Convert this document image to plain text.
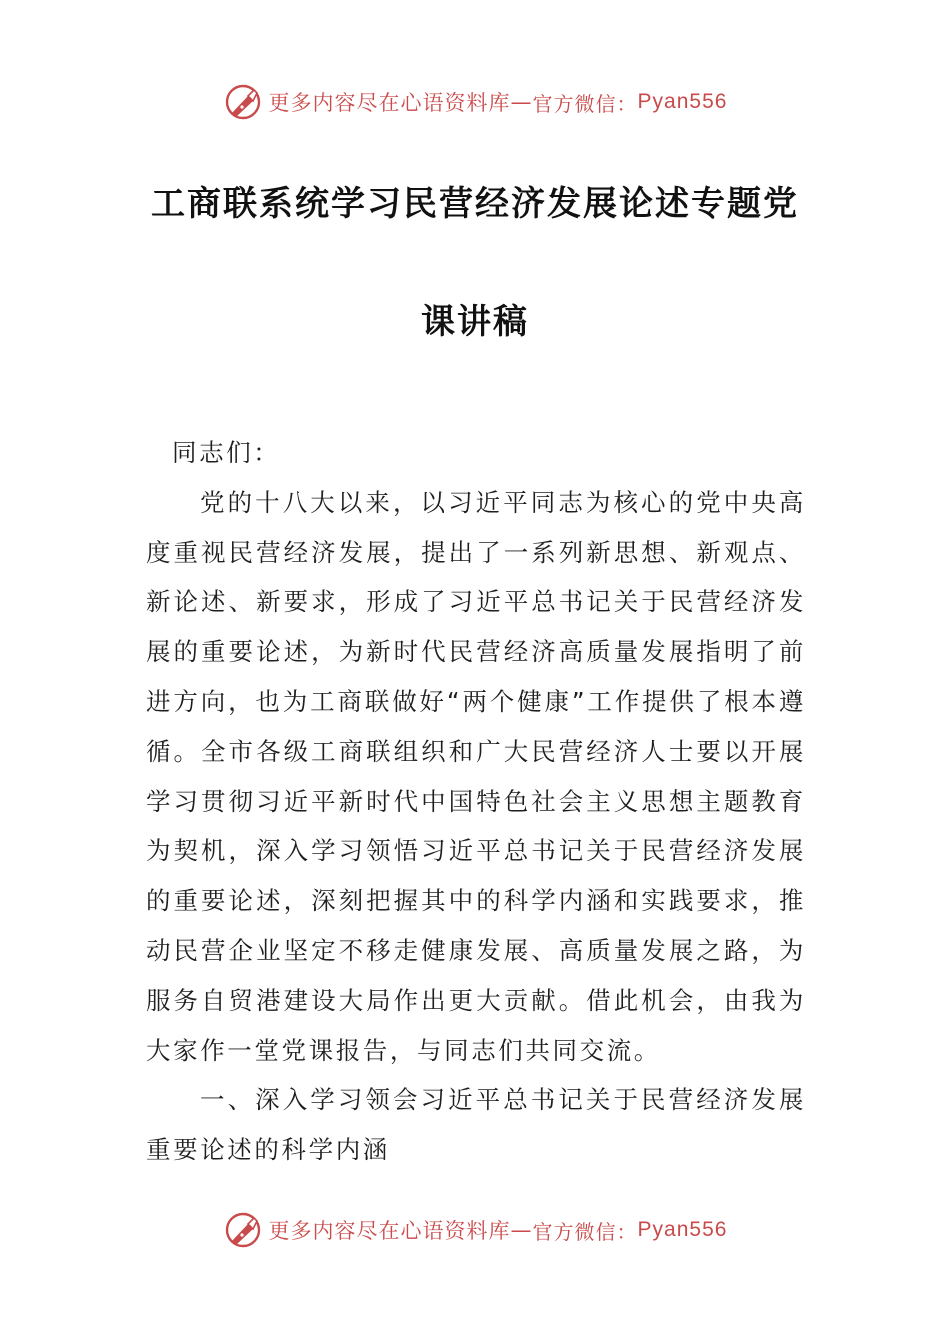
更多内容尽在心语资料库 — 官方微信： Pyan556
工商联系统学习民营经济发展论述专题党
课讲稿

同志们：

党的十八大以来，以习近平同志为核心的党中央高度重视民营经济发展，提出了一系列新思想、新观点、新论述、新要求，形成了习近平总书记关于民营经济发展的重要论述，为新时代民营经济高质量发展指明了前进方向，也为工商联做好“两个健康”工作提供了根本遵循。全市各级工商联组织和广大民营经济人士要以开展学习贯彻习近平新时代中国特色社会主义思想主题教育为契机，深入学习领悟习近平总书记关于民营经济发展的重要论述，深刻把握其中的科学内涵和实践要求，推动民营企业坚定不移走健康发展、高质量发展之路，为服务自贸港建设大局作出更大贡献。借此机会，由我为大家作一堂党课报告，与同志们共同交流。

一、深入学习领会习近平总书记关于民营经济发展重要论述的科学内涵

更多内容尽在心语资料库 — 官方微信： Pyan556
